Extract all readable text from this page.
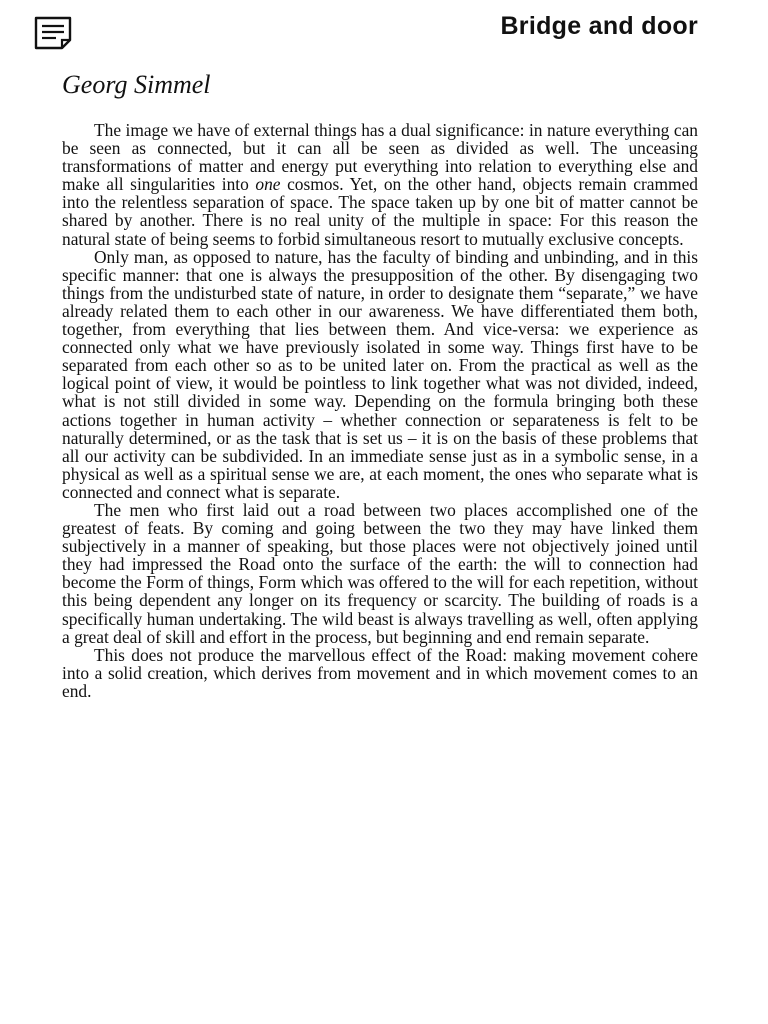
Bridge and door
Georg Simmel

The image we have of external things has a dual significance: in nature everything can be seen as connected, but it can all be seen as divided as well. The unceasing transformations of matter and energy put everything into relation to everything else and make all singularities into one cosmos. Yet, on the other hand, objects remain crammed into the relentless separation of space. The space taken up by one bit of matter cannot be shared by another. There is no real unity of the multiple in space: For this reason the natural state of being seems to forbid simultaneous resort to mutually exclusive concepts.

Only man, as opposed to nature, has the faculty of binding and unbinding, and in this specific manner: that one is always the presupposition of the other. By disengaging two things from the undisturbed state of nature, in order to designate them “separate,” we have already related them to each other in our awareness. We have differentiated them both, together, from everything that lies between them. And vice-versa: we experience as connected only what we have previously isolated in some way. Things first have to be separated from each other so as to be united later on. From the practical as well as the logical point of view, it would be pointless to link together what was not divided, indeed, what is not still divided in some way. Depending on the formula bringing both these actions together in human activity – whether connection or separateness is felt to be naturally determined, or as the task that is set us – it is on the basis of these problems that all our activity can be subdivided. In an immediate sense just as in a symbolic sense, in a physical as well as a spiritual sense we are, at each moment, the ones who separate what is connected and connect what is separate.

The men who first laid out a road between two places accomplished one of the greatest of feats. By coming and going between the two they may have linked them subjectively in a manner of speaking, but those places were not objectively joined until they had impressed the Road onto the surface of the earth: the will to connection had become the Form of things, Form which was offered to the will for each repetition, without this being dependent any longer on its frequency or scarcity. The building of roads is a specifically human undertaking. The wild beast is always travelling as well, often applying a great deal of skill and effort in the process, but beginning and end remain separate.

This does not produce the marvellous effect of the Road: making movement cohere into a solid creation, which derives from movement and in which movement comes to an end.
